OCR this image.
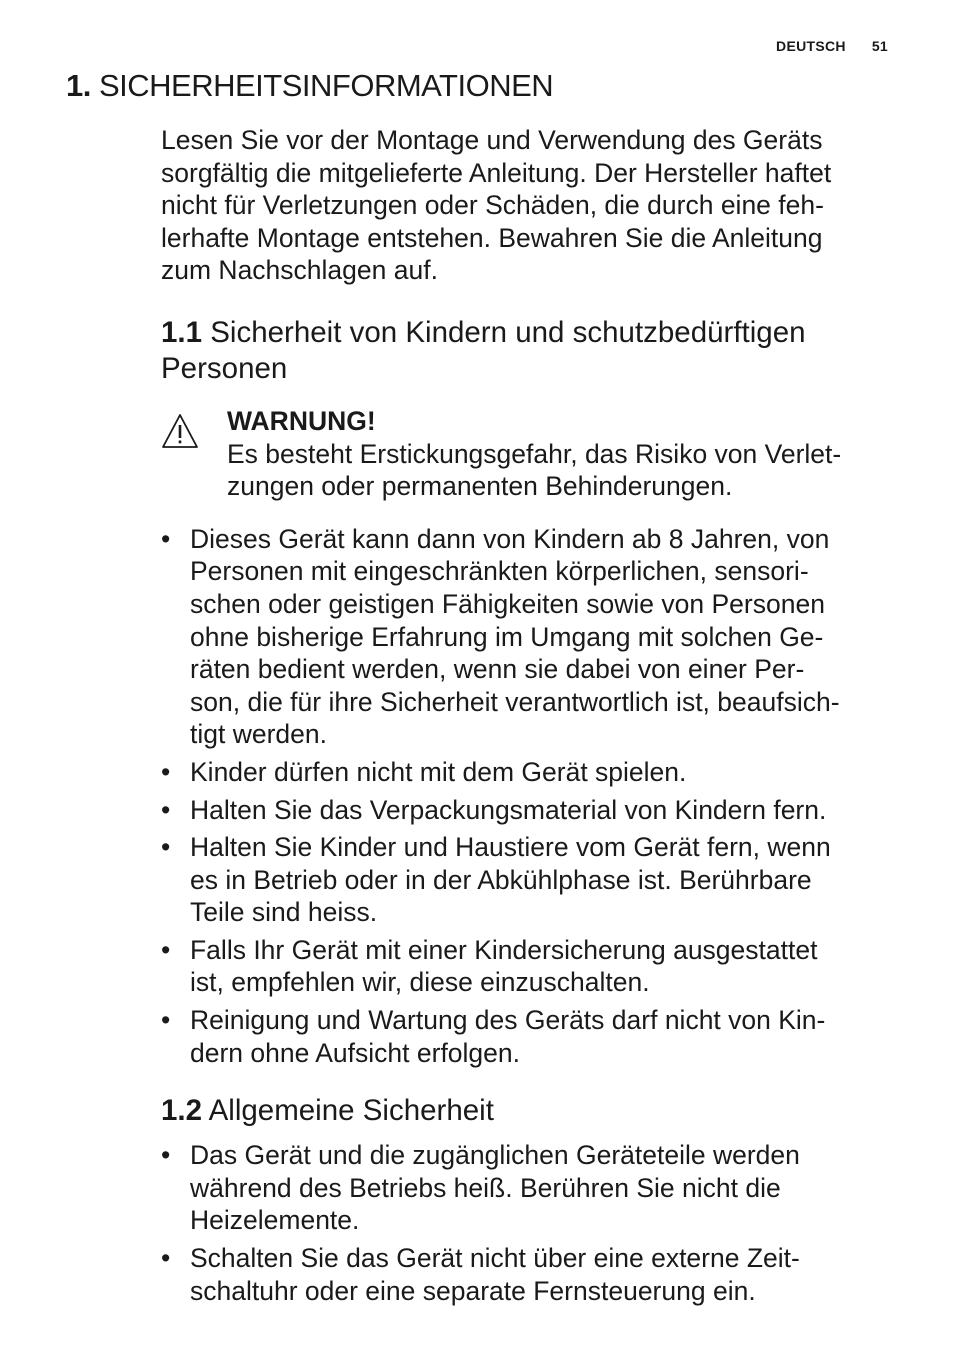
DEUTSCH 51
1. SICHERHEITSINFORMATIONEN

Lesen Sie vor der Montage und Verwendung des Geräts
sorgfältig die mitgelieferte Anleitung. Der Hersteller haftet
nicht für Verletzungen oder Schäden, die durch eine feh-
lerhafte Montage entstehen. Bewahren Sie die Anleitung
zum Nachschlagen auf.

1.1 Sicherheit von Kindern und schutzbedürftigen
Personen
WARNUNG!
Es besteht Erstickungsgefahr, das Risiko von Verlet-
zungen oder permanenten Behinderungen.
• Dieses Gerät kann dann von Kindern ab 8 Jahren, von
Personen mit eingeschränkten körperlichen, sensori-
schen oder geistigen Fähigkeiten sowie von Personen
ohne bisherige Erfahrung im Umgang mit solchen Ge-
räten bedient werden, wenn sie dabei von einer Per-
son, die für ihre Sicherheit verantwortlich ist, beaufsich-
tigt werden.
• Kinder dürfen nicht mit dem Gerät spielen.
• Halten Sie das Verpackungsmaterial von Kindern fern.
• Halten Sie Kinder und Haustiere vom Gerät fern, wenn
es in Betrieb oder in der Abkühlphase ist. Berührbare
Teile sind heiss.
• Falls Ihr Gerät mit einer Kindersicherung ausgestattet
ist, empfehlen wir, diese einzuschalten.
• Reinigung und Wartung des Geräts darf nicht von Kin-
dern ohne Aufsicht erfolgen.
1.2 Allgemeine Sicherheit
• Das Gerät und die zugänglichen Geräteteile werden
während des Betriebs heiß. Berühren Sie nicht die
Heizelemente.
• Schalten Sie das Gerät nicht über eine externe Zeit-
schaltuhr oder eine separate Fernsteuerung ein.
